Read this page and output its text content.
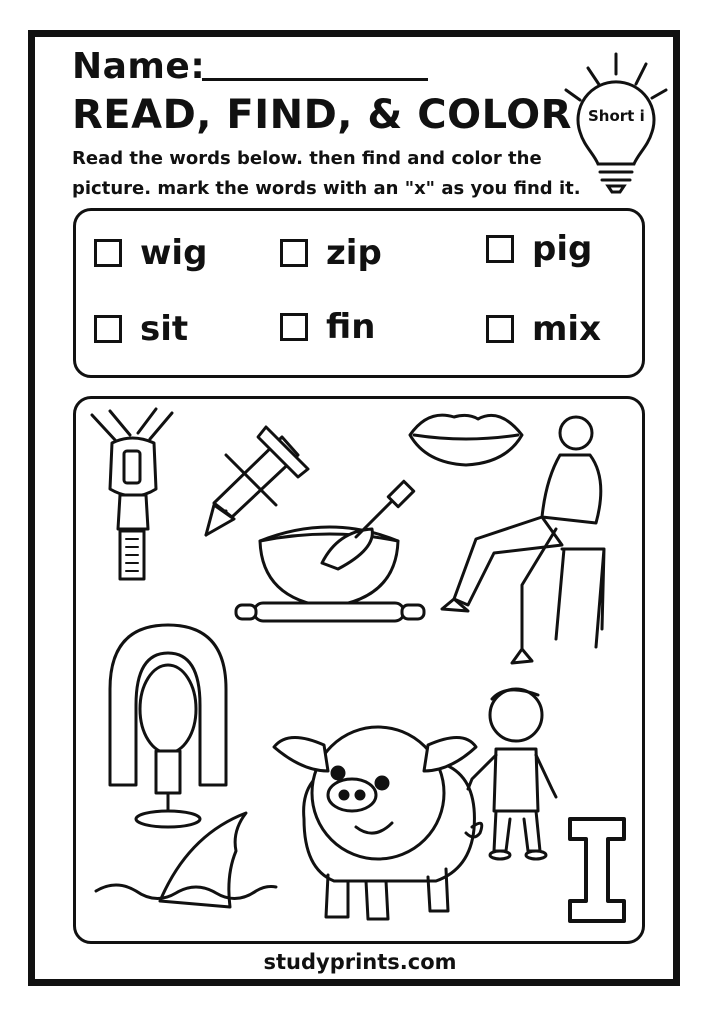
Name:
READ, FIND, & COLOR
Read the words below. then find and color the
picture. mark the words with an "x" as you find it.
Short i
wig	zip	pig
sit	fin	mix
studyprints.com
